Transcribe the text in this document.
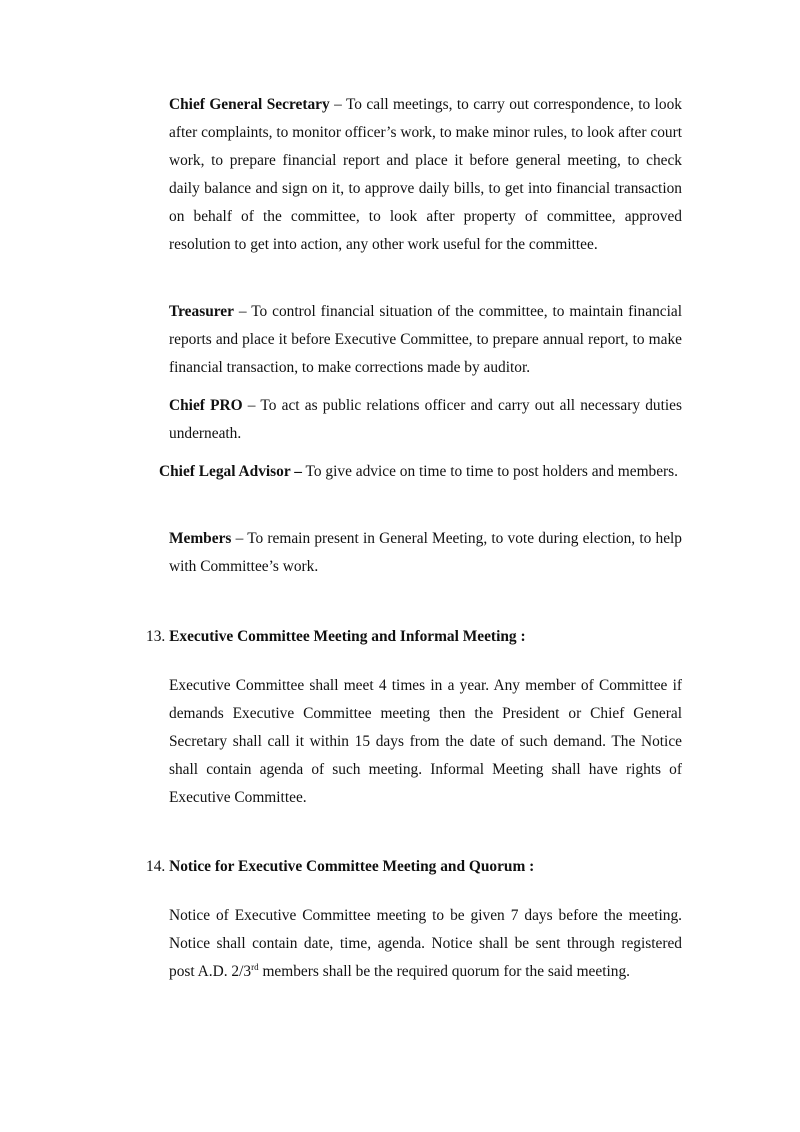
Chief General Secretary – To call meetings, to carry out correspondence, to look after complaints, to monitor officer’s work, to make minor rules, to look after court work, to prepare financial report and place it before general meeting, to check daily balance and sign on it, to approve daily bills, to get into financial transaction on behalf of the committee, to look after property of committee, approved resolution to get into action, any other work useful for the committee.

Treasurer – To control financial situation of the committee, to maintain financial reports and place it before Executive Committee, to prepare annual report, to make financial transaction, to make corrections made by auditor.

Chief PRO – To act as public relations officer and carry out all necessary duties underneath.

Chief Legal Advisor – To give advice on time to time to post holders and members.

Members – To remain present in General Meeting, to vote during election, to help with Committee’s work.

13. Executive Committee Meeting and Informal Meeting :

Executive Committee shall meet 4 times in a year. Any member of Committee if demands Executive Committee meeting then the President or Chief General Secretary shall call it within 15 days from the date of such demand. The Notice shall contain agenda of such meeting. Informal Meeting shall have rights of Executive Committee.

14. Notice for Executive Committee Meeting and Quorum :

Notice of Executive Committee meeting to be given 7 days before the meeting. Notice shall contain date, time, agenda. Notice shall be sent through registered post A.D. 2/3rd members shall be the required quorum for the said meeting.
